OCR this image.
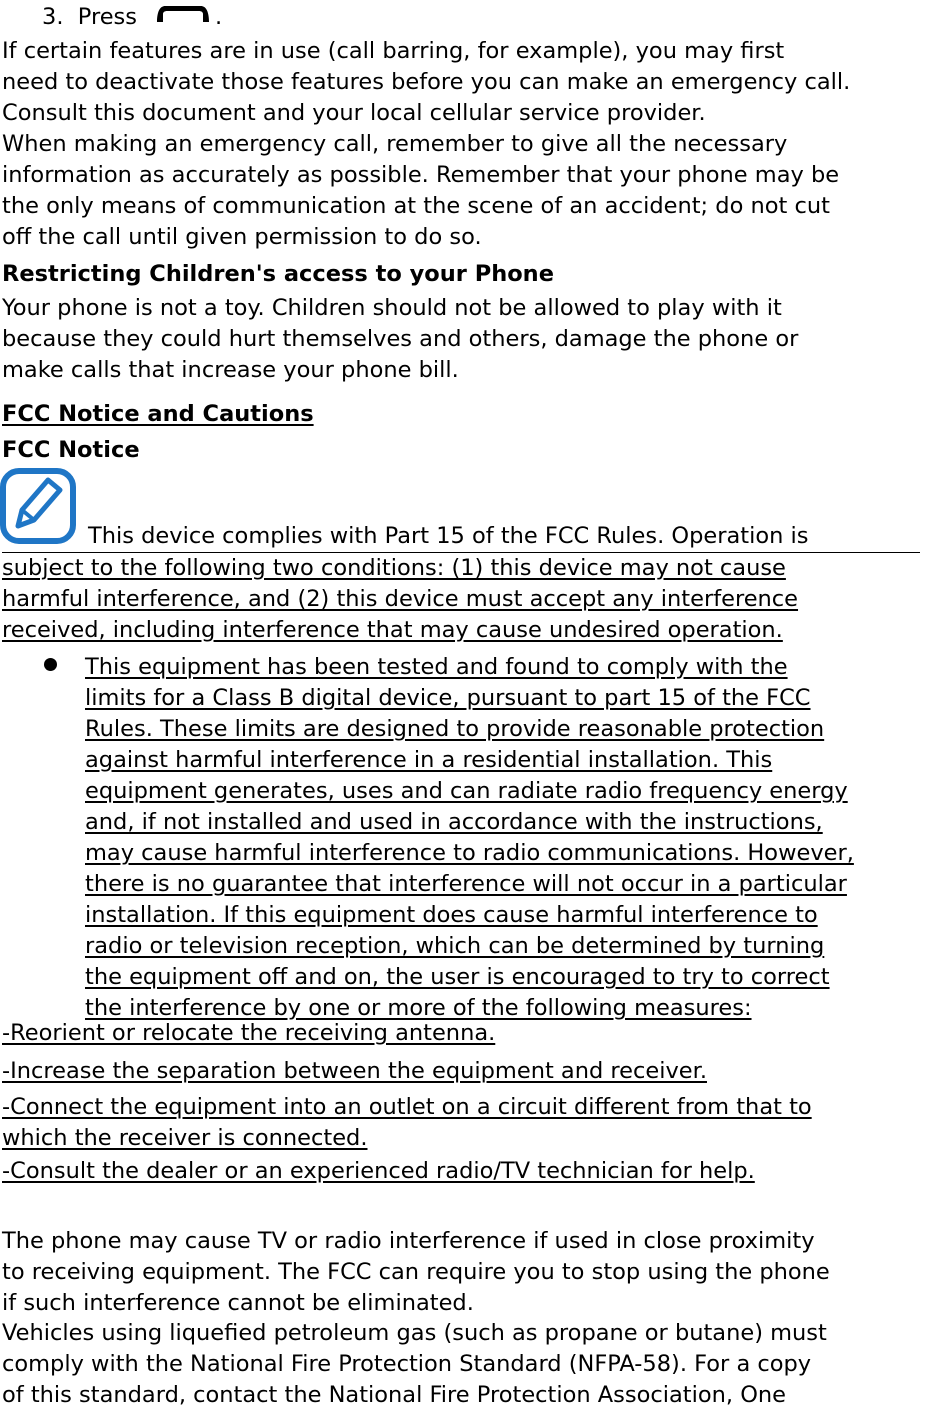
3. Press	.

If certain features are in use (call barring, for example), you may first
need to deactivate those features before you can make an emergency call.
Consult this document and your local cellular service provider.

When making an emergency call, remember to give all the necessary
information as accurately as possible. Remember that your phone may be
the only means of communication at the scene of an accident; do not cut
off the call until given permission to do so.

Restricting Children's access to your Phone

Your phone is not a toy. Children should not be allowed to play with it
because they could hurt themselves and others, damage the phone or
make calls that increase your phone bill.

FCC Notice and Cautions
FCC Notice
This device complies with Part 15 of the FCC Rules. Operation is
subject to the following two conditions: (1) this device may not cause
harmful interference, and (2) this device must accept any interference
received, including interference that may cause undesired operation.
This equipment has been tested and found to comply with the
limits for a Class B digital device, pursuant to part 15 of the FCC
Rules. These limits are designed to provide reasonable protection
against harmful interference in a residential installation. This
equipment generates, uses and can radiate radio frequency energy
and, if not installed and used in accordance with the instructions,
may cause harmful interference to radio communications. However,
there is no guarantee that interference will not occur in a particular
installation. If this equipment does cause harmful interference to
radio or television reception, which can be determined by turning
the equipment off and on, the user is encouraged to try to correct
the interference by one or more of the following measures:
-Reorient or relocate the receiving antenna.
-Increase the separation between the equipment and receiver.
-Connect the equipment into an outlet on a circuit different from that to
which the receiver is connected.
-Consult the dealer or an experienced radio/TV technician for help.

The phone may cause TV or radio interference if used in close proximity
to receiving equipment. The FCC can require you to stop using the phone
if such interference cannot be eliminated.

Vehicles using liquefied petroleum gas (such as propane or butane) must
comply with the National Fire Protection Standard (NFPA-58). For a copy
of this standard, contact the National Fire Protection Association, One
